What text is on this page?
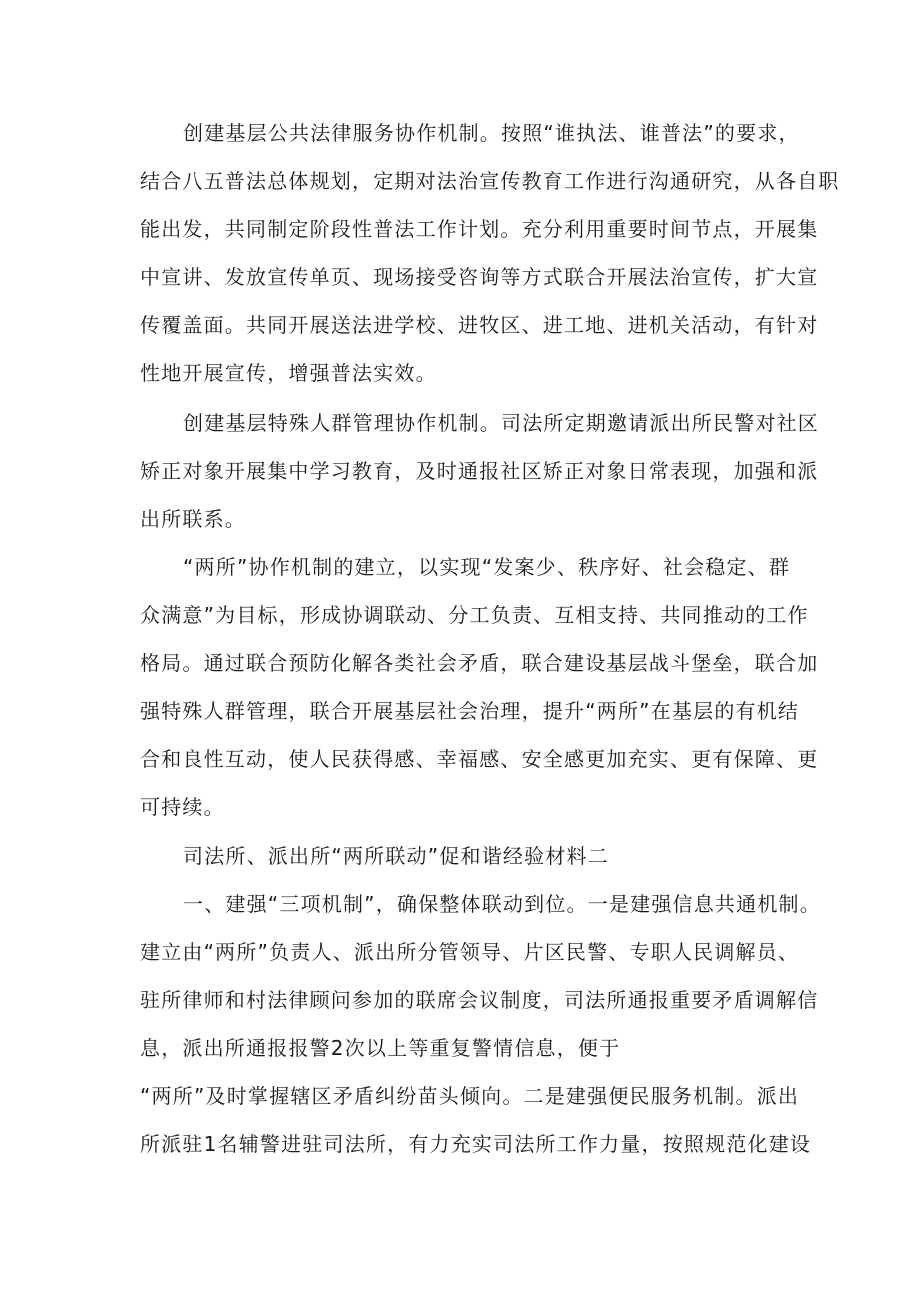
创建基层公共法律服务协作机制。按照“谁执法、谁普法”的要求，
结合八五普法总体规划，定期对法治宣传教育工作进行沟通研究，从各自职
能出发，共同制定阶段性普法工作计划。充分利用重要时间节点，开展集
中宣讲、发放宣传单页、现场接受咨询等方式联合开展法治宣传，扩大宣
传覆盖面。共同开展送法进学校、进牧区、进工地、进机关活动，有针对
性地开展宣传，增强普法实效。
创建基层特殊人群管理协作机制。司法所定期邀请派出所民警对社区
矫正对象开展集中学习教育，及时通报社区矫正对象日常表现，加强和派
出所联系。
“两所”协作机制的建立，以实现“发案少、秩序好、社会稳定、群
众满意”为目标，形成协调联动、分工负责、互相支持、共同推动的工作
格局。通过联合预防化解各类社会矛盾，联合建设基层战斗堡垒，联合加
强特殊人群管理，联合开展基层社会治理，提升“两所”在基层的有机结
合和良性互动，使人民获得感、幸福感、安全感更加充实、更有保障、更
可持续。
司法所、派出所“两所联动”促和谐经验材料二
一、建强“三项机制”，确保整体联动到位。一是建强信息共通机制。
建立由“两所”负责人、派出所分管领导、片区民警、专职人民调解员、
驻所律师和村法律顾问参加的联席会议制度，司法所通报重要矛盾调解信
息，派出所通报报警2次以上等重复警情信息，便于
“两所”及时掌握辖区矛盾纠纷苗头倾向。二是建强便民服务机制。派出
所派驻1名辅警进驻司法所，有力充实司法所工作力量，按照规范化建设
